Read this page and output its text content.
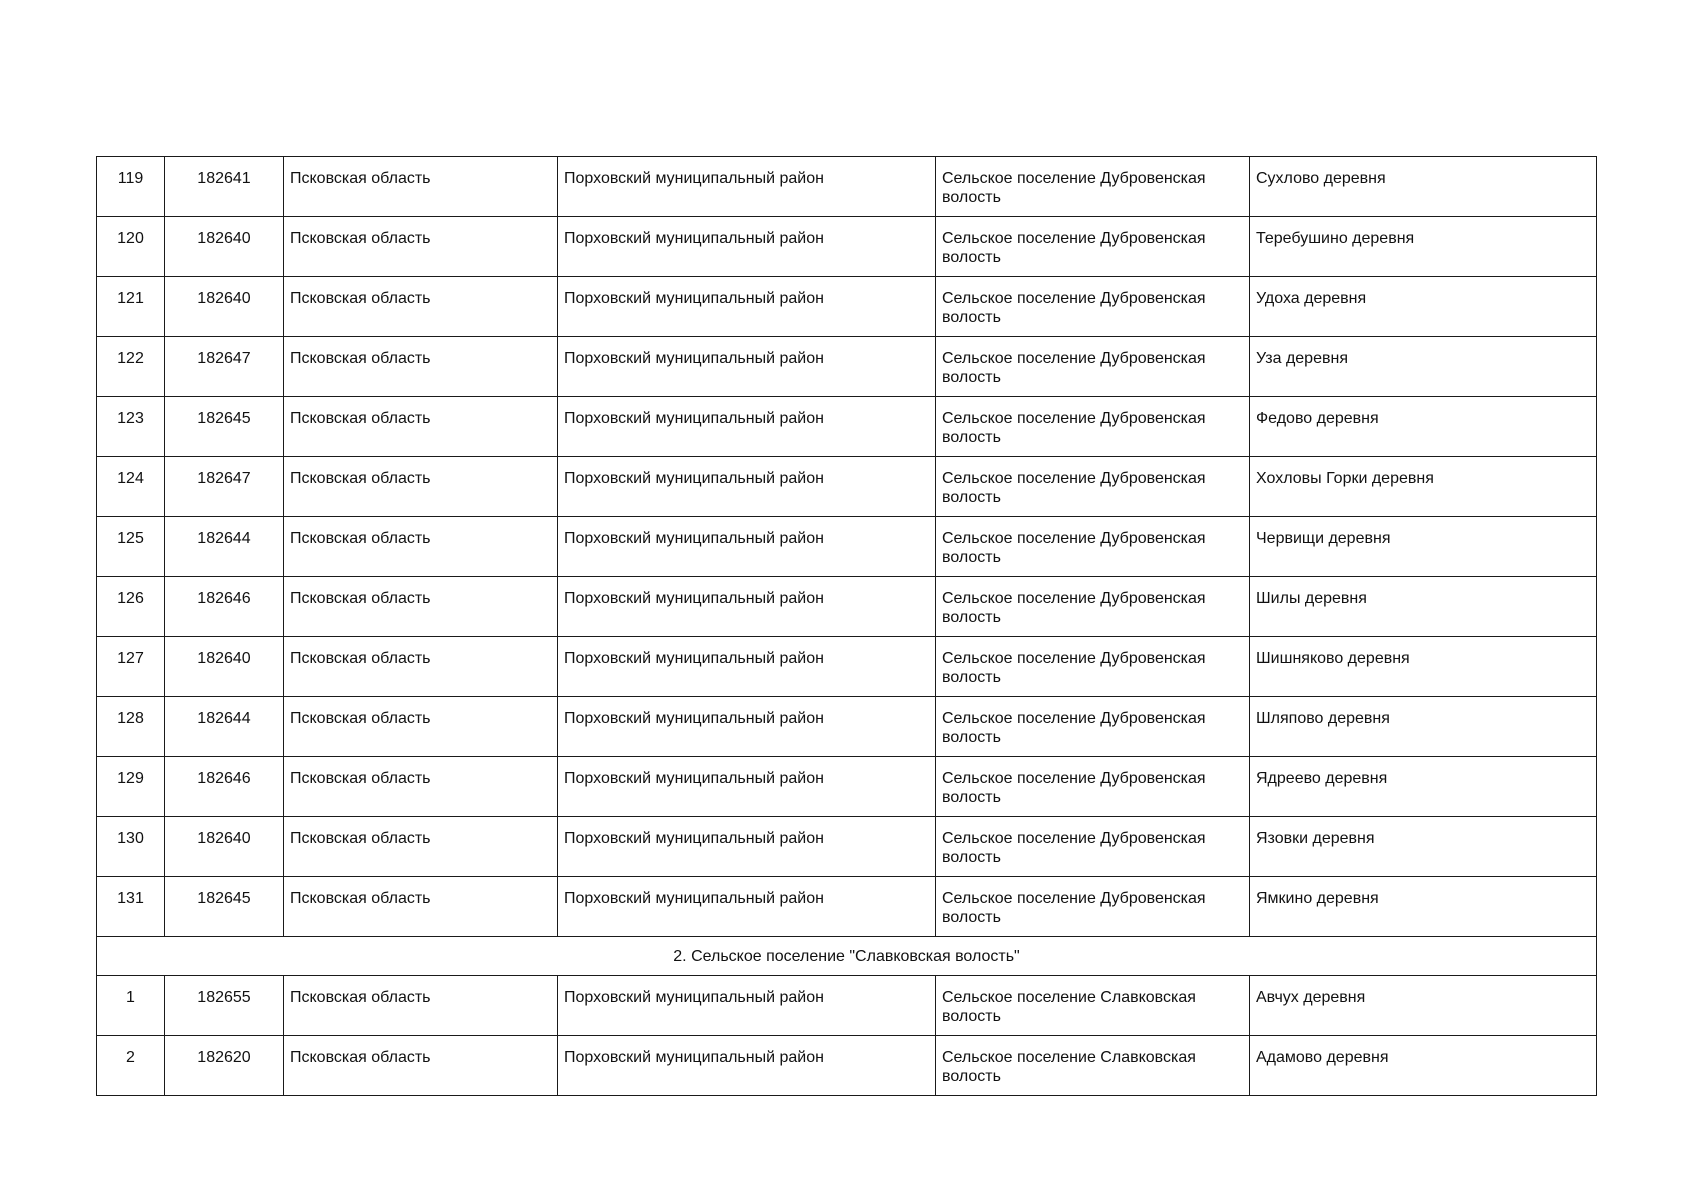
119	182641	Псковская область	Порховский муниципальный район	Сельское поселение Дубровенская волость	Сухлово деревня
120	182640	Псковская область	Порховский муниципальный район	Сельское поселение Дубровенская волость	Теребушино деревня
121	182640	Псковская область	Порховский муниципальный район	Сельское поселение Дубровенская волость	Удоха деревня
122	182647	Псковская область	Порховский муниципальный район	Сельское поселение Дубровенская волость	Уза деревня
123	182645	Псковская область	Порховский муниципальный район	Сельское поселение Дубровенская волость	Федово деревня
124	182647	Псковская область	Порховский муниципальный район	Сельское поселение Дубровенская волость	Хохловы Горки деревня
125	182644	Псковская область	Порховский муниципальный район	Сельское поселение Дубровенская волость	Червищи деревня
126	182646	Псковская область	Порховский муниципальный район	Сельское поселение Дубровенская волость	Шилы деревня
127	182640	Псковская область	Порховский муниципальный район	Сельское поселение Дубровенская волость	Шишняково деревня
128	182644	Псковская область	Порховский муниципальный район	Сельское поселение Дубровенская волость	Шляпово деревня
129	182646	Псковская область	Порховский муниципальный район	Сельское поселение Дубровенская волость	Ядреево деревня
130	182640	Псковская область	Порховский муниципальный район	Сельское поселение Дубровенская волость	Язовки деревня
131	182645	Псковская область	Порховский муниципальный район	Сельское поселение Дубровенская волость	Ямкино деревня
2. Сельское поселение "Славковская волость"					
1	182655	Псковская область	Порховский муниципальный район	Сельское поселение Славковская волость	Авчух деревня
2	182620	Псковская область	Порховский муниципальный район	Сельское поселение Славковская волость	Адамово деревня
